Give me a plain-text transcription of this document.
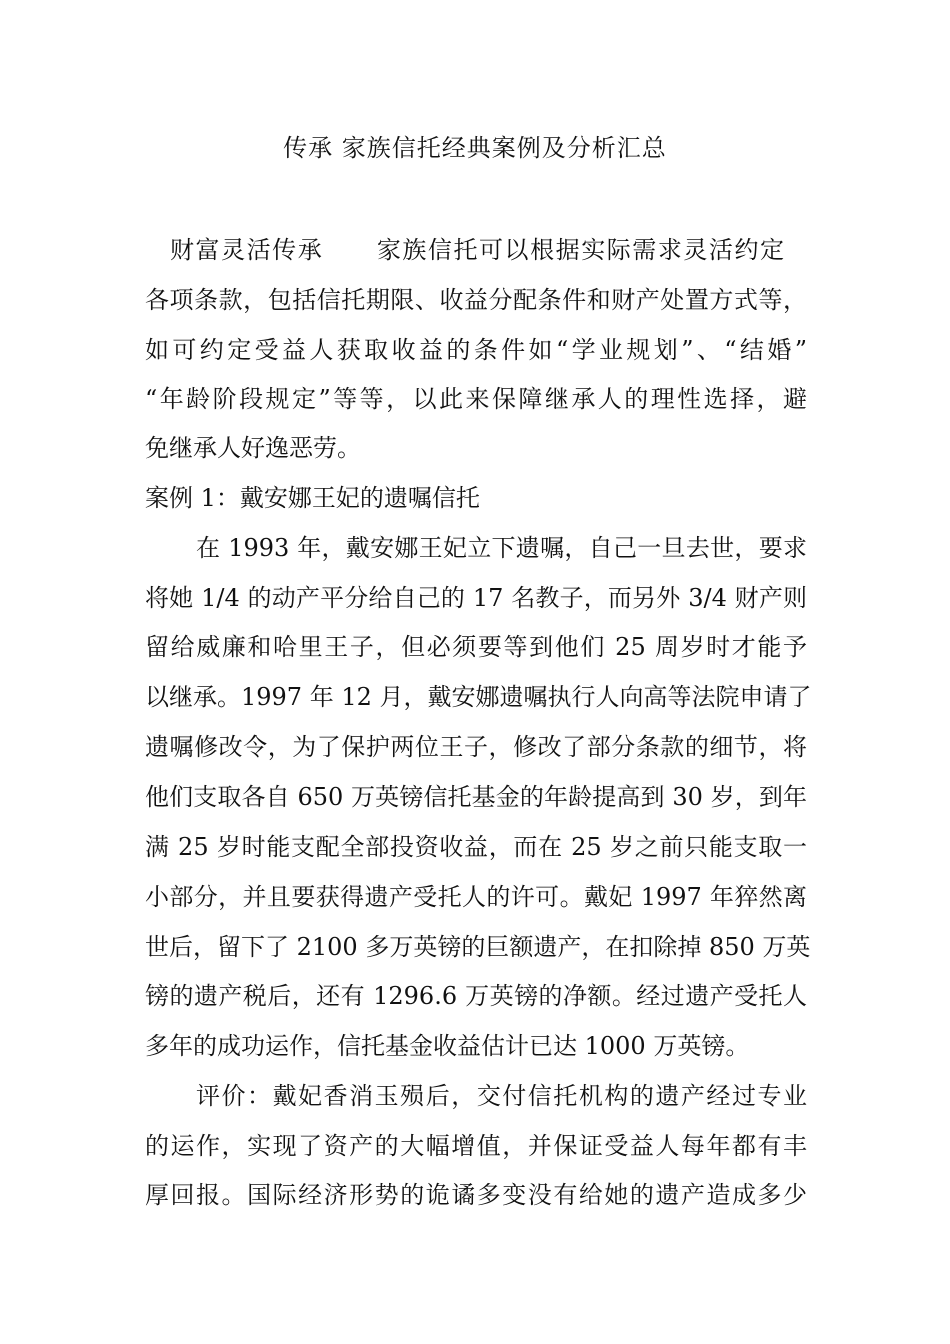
传承 家族信托经典案例及分析汇总
财富灵活传承 家族信托可以根据实际需求灵活约定
各项条款，包括信托期限、收益分配条件和财产处置方式等，
如可约定受益人获取收益的条件如“学业规划”、“结婚”
“年龄阶段规定”等等，以此来保障继承人的理性选择，避
免继承人好逸恶劳。
案例 1：戴安娜王妃的遗嘱信托
在 1993 年，戴安娜王妃立下遗嘱，自己一旦去世，要求
将她 1/4 的动产平分给自己的 17 名教子，而另外 3/4 财产则
留给威廉和哈里王子，但必须要等到他们 25 周岁时才能予
以继承。1997 年 12 月，戴安娜遗嘱执行人向高等法院申请了
遗嘱修改令，为了保护两位王子，修改了部分条款的细节，将
他们支取各自 650 万英镑信托基金的年龄提高到 30 岁，到年
满 25 岁时能支配全部投资收益，而在 25 岁之前只能支取一
小部分，并且要获得遗产受托人的许可。戴妃 1997 年猝然离
世后，留下了 2100 多万英镑的巨额遗产，在扣除掉 850 万英
镑的遗产税后，还有 1296.6 万英镑的净额。经过遗产受托人
多年的成功运作，信托基金收益估计已达 1000 万英镑。
评价：戴妃香消玉殒后，交付信托机构的遗产经过专业
的运作，实现了资产的大幅增值，并保证受益人每年都有丰
厚回报。国际经济形势的诡谲多变没有给她的遗产造成多少
